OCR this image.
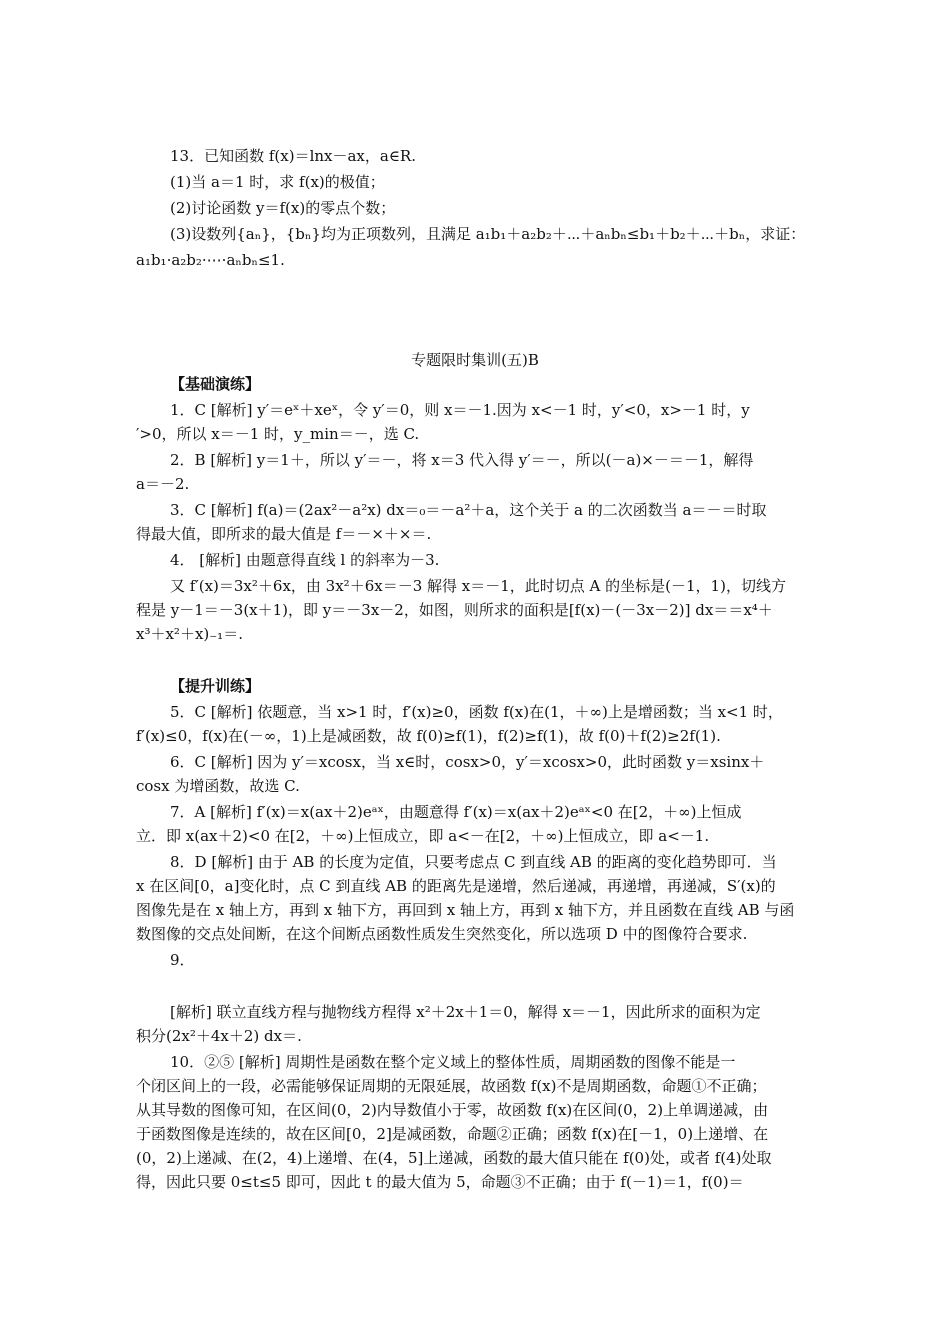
13．已知函数 f(x)＝lnx－ax，a∈R.
(1)当 a＝1 时，求 f(x)的极值；
(2)讨论函数 y＝f(x)的零点个数；
(3)设数列{aₙ}，{bₙ}均为正项数列，且满足 a₁b₁＋a₂b₂＋⋯＋aₙbₙ≤b₁＋b₂＋⋯＋bₙ，求证：
a₁b₁·a₂b₂·⋯·aₙbₙ≤1.
专题限时集训(五)B
【基础演练】
1．C [解析] y′＝eˣ＋xeˣ，令 y′＝0，则 x＝－1.因为 x<－1 时，y′<0，x>－1 时，y
′>0，所以 x＝－1 时，y_min＝－，选 C.
2．B [解析] y＝1＋，所以 y′＝－，将 x＝3 代入得 y′＝－，所以(－a)×－＝－1，解得
a＝－2.
3．C [解析] f(a)＝(2ax²－a²x) dx＝₀＝－a²＋a，这个关于 a 的二次函数当 a＝－＝时取
得最大值，即所求的最大值是 f＝－×＋×＝.
4． [解析] 由题意得直线 l 的斜率为－3.
又 f′(x)＝3x²＋6x，由 3x²＋6x＝－3 解得 x＝－1，此时切点 A 的坐标是(－1，1)，切线方
程是 y－1＝－3(x＋1)，即 y＝－3x－2，如图，则所求的面积是[f(x)－(－3x－2)] dx＝＝x⁴＋
x³＋x²＋x)₋₁＝.
【提升训练】
5．C [解析] 依题意，当 x>1 时，f′(x)≥0，函数 f(x)在(1，＋∞)上是增函数；当 x<1 时，
f′(x)≤0，f(x)在(－∞，1)上是减函数，故 f(0)≥f(1)，f(2)≥f(1)，故 f(0)＋f(2)≥2f(1).
6．C [解析] 因为 y′＝xcosx，当 x∈时，cosx>0，y′＝xcosx>0，此时函数 y＝xsinx＋
cosx 为增函数，故选 C.
7．A [解析] f′(x)＝x(ax＋2)eᵃˣ，由题意得 f′(x)＝x(ax＋2)eᵃˣ<0 在[2，＋∞)上恒成
立．即 x(ax＋2)<0 在[2，＋∞)上恒成立，即 a<－在[2，＋∞)上恒成立，即 a<－1.
8．D [解析] 由于 AB 的长度为定值，只要考虑点 C 到直线 AB 的距离的变化趋势即可．当
x 在区间[0，a]变化时，点 C 到直线 AB 的距离先是递增，然后递减，再递增，再递减，S′(x)的
图像先是在 x 轴上方，再到 x 轴下方，再回到 x 轴上方，再到 x 轴下方，并且函数在直线 AB 与函
数图像的交点处间断，在这个间断点函数性质发生突然变化，所以选项 D 中的图像符合要求.
9．
[解析] 联立直线方程与抛物线方程得 x²＋2x＋1＝0，解得 x＝－1，因此所求的面积为定
积分(2x²＋4x＋2) dx＝.
10．②⑤ [解析] 周期性是函数在整个定义域上的整体性质，周期函数的图像不能是一
个闭区间上的一段，必需能够保证周期的无限延展，故函数 f(x)不是周期函数，命题①不正确；
从其导数的图像可知，在区间(0，2)内导数值小于零，故函数 f(x)在区间(0，2)上单调递减，由
于函数图像是连续的，故在区间[0，2]是减函数，命题②正确；函数 f(x)在[－1，0)上递增、在
(0，2)上递减、在(2，4)上递增、在(4，5]上递减，函数的最大值只能在 f(0)处，或者 f(4)处取
得，因此只要 0≤t≤5 即可，因此 t 的最大值为 5，命题③不正确；由于 f(－1)＝1，f(0)＝
